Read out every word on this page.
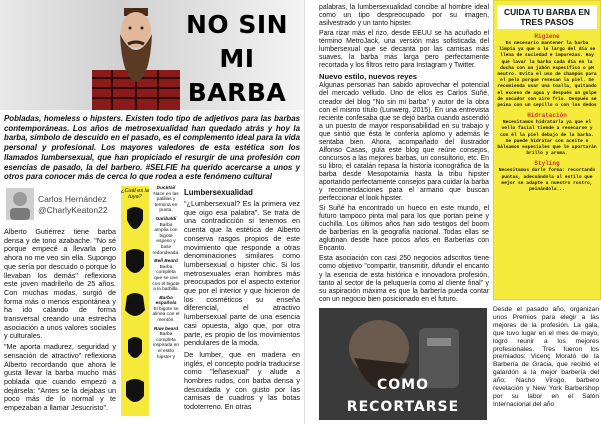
NO SIN MI
BARBA

Pobladas, homeless o hipsters. Existen todo tipo de adjetivos para las barbas contemporáneas. Los años de metrosexualidad han quedado atrás y hoy la barba, símbolo de descuido en el pasado, es el complemento ideal para la vida personal y profesional. Los mayores valedores de esta estética son los llamados lumbersexual, que han propiciado el resurgir de una profesión con esencias de pasado, la del barbero. #SELFIE ha querido acercarse a unos y otros para conocer más de cerca lo que rodea a este fenómeno cultural

Carlos Hernández
@CharlyKeaton22

Alberto Gutiérrez tiene barba densa y de tono azabache. "No sé porque empecé a llevarla pero ahora no me veo sin ella. Supongo que sería por descuido o porque lo llevaban los demás" reflexiona este joven madrileño de 25 años. Con muchas modas, surgió de forma más o menos espontánea y ha ido calando de forma transversal creando una estrecha asociación a unos valores sociales y culturales.

"Me aporta madurez, seguridad y sensación de atractivo" reflexiona Alberto recordando que ahora le gusta llevar la barba mucho más poblada que cuando empezó a dejársela: "Antes se la dejabas un poco más de lo normal y te empezaban a llamar Jesucristo".

¿Cuál es la tuya?
Ducktail
Nace en las patillas y termina en punta.
Garibaldi
Barba amplia con bigote espeso y base redondeada.
Bell Beard
Barba completa que se une con el bigote a la barbilla.
Barba española
El bigote se alinea con el mentón.
Raw beard
Barba completa inspirada en el estilo hipster y
Lumbersexualidad

"¿Lumbersexual? Es la primera vez que oigo esa palabra". Se trata de una contradicción si tenemos en cuenta que la estética de Alberto conserva rasgos propios de este movimiento que responde a otras denominaciones similares como lumbersexual o hipster chic. Si los metrosexuales eran hombres más preocupados por el aspecto exterior que por el interior y que hicieron de los cosméticos su enseña diferencial, el atractivo lumbersexual parte de una esencia casi opuesta, algo que, por otra parte, es propio de los movimientos pendulares de la moda.

De lumber, que en madera en inglés, el concepto podría traducirse como "leñasexual" y alude a hombres rudos, con barba densa y descuidada y con gusto por las camisas de cuadros y las botas todoterreno. En otras

palabras, la lumbersexualidad concibe al hombre ideal como un tipo despreocupado por su imagen, asilvestrado y un tanto hipster.

Para rizar más el rizo, desde EEUU se ha acuñado el término MetroJack, una versión más sofisticada del lumbersexual que se decanta por las camisas más suaves, la barba más larga pero perfectamente recortada y los filtros retro para Instagram y Twitter.

Nuevo estilo, nuevos reyes

Algunas personas han sabido aprovechar el potencial del mercado velludo. Uno de ellos es Carlos Suñé, creador del blog "No sin mi barba" y autor de la obra con el mismo título (Lunwerg, 2015). En una entrevista reciente confesaba que se dejó barba cuando ascendió a un puesto de mayor responsabilidad en su trabajo y que sintió que ésta le confería aplomo y además le sentaba bien. Ahora, acompañado del ilustrador Alfonso Casas, guía este blog que reúne consejos, concursos a las mejores barbas, un consultorio, etc. En su libro, el catalán repasa la historia iconográfica de la barba desde Mesopotamia hasta la tribu hipster aportando perfectamente consejos para cuidar la barba y recomendaciones para el armario que buscan perfeccionar el look hipster.

Si Suñé ha encontrado un hueco en este mundo, el futuro tampoco pinta mal para los que portan peine y cuchilla. Los últimos años han sido testigos del boom de barberías en la geografía nacional. Todas ellas se aglutinan desde hace pocos años en Barberías con Encanto.

Esta asociación con casi 250 negocios adscritos tiene como objetivo "compartir, transmitir, difundir el encanto y la esencia de esta histórica e innovadora profesión, tanto al sector de la peluquería como al cliente final" y su aspiración máxima es que la barbería pueda contar con un negocio bien posicionado en el futuro.

CUIDA TU BARBA EN TRES PASOS
Higiene

Es necesario mantener la barba limpia ya que a lo largo del día se llena de suciedad e impurezas. Hay que lavar la barba cada día en la ducha con un jabón específico o pH neutro. Evita el uso de champús para el pelo porque resecan la piel. Se recomienda usar una toalla, quitando el exceso de agua y después un golpe de secador con aire frío. Después se peina con un cepillo o con los dedos

Hidratación

Necesitamos hidratarla ya que el vello facial tiende a resecarse y con él la piel debajo de la barba. Se puede hidratar con aceite o bálsamos especiales que le aportarán brillo y aroma.

Styling

Necesitamos darle forma: recortando puntas, adecuándola al estilo que mejor se adapte a nuestro rostro, peinándola...

COMO RECORTARSE
LA BARBA
Desde el pasado año, organizan unos Premios para elegir a las mejores de la profesión. La gala, que tuvo lugar en el mes de mayo, logró reunir a los mejores profesionales. Tres fueron los premiados: Vicenç Morató de la Barbería de Gràcia, que recibió el galardón a la mejor barbería del año; Nacho Virogo, barbero revelación y New York Barbershop por su labor en el Salón Internacional del año
